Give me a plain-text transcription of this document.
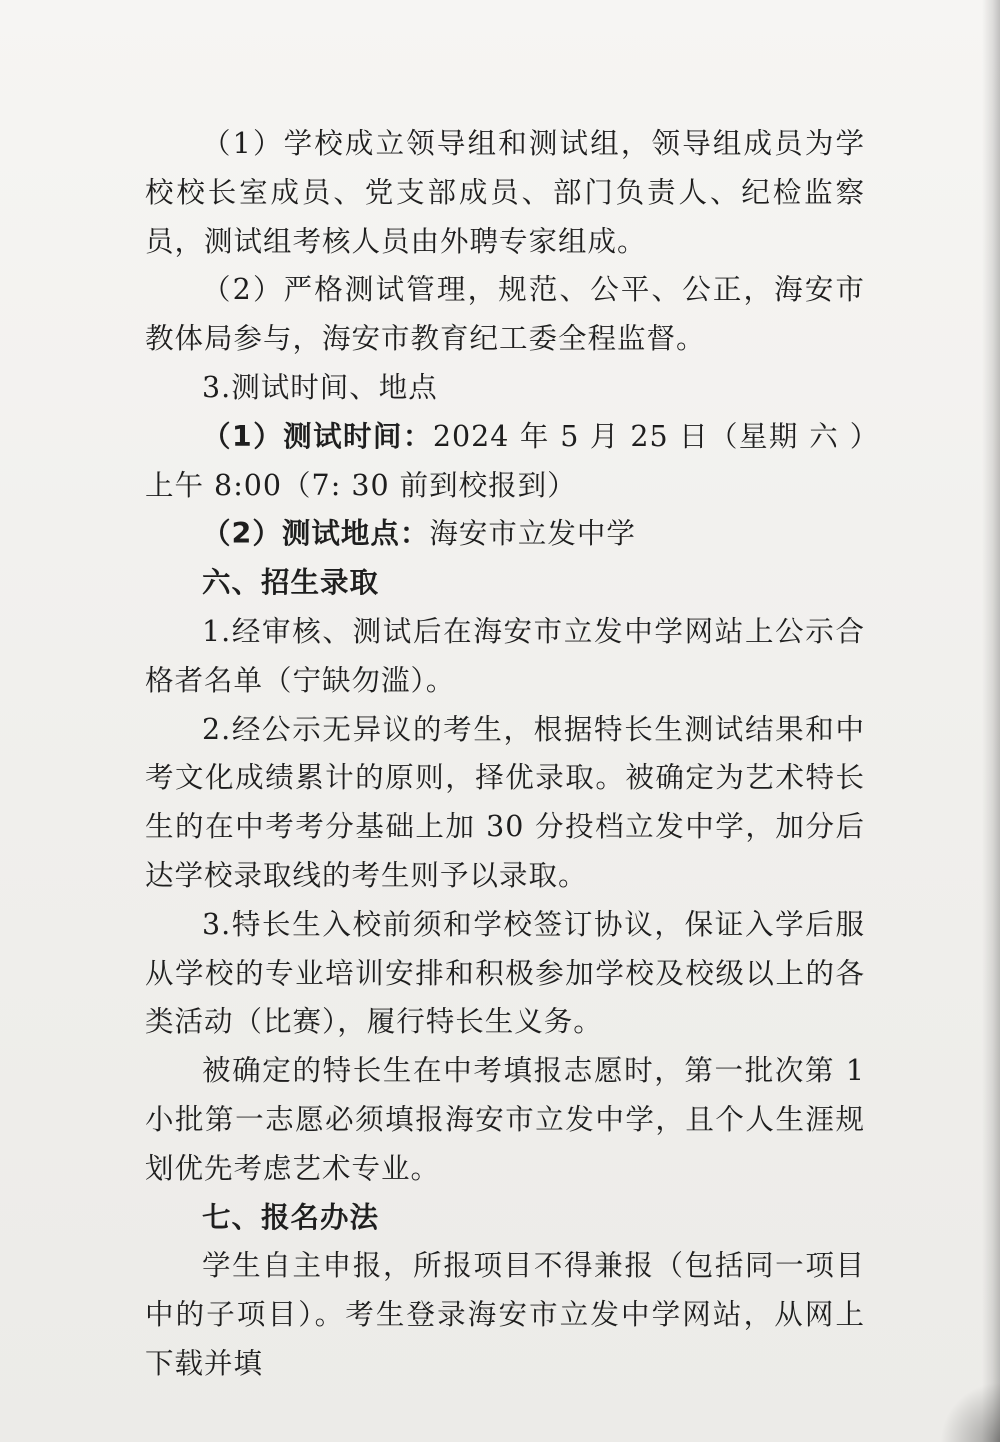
（1）学校成立领导组和测试组，领导组成员为学校校长室成员、党支部成员、部门负责人、纪检监察员，测试组考核人员由外聘专家组成。

（2）严格测试管理，规范、公平、公正，海安市教体局参与，海安市教育纪工委全程监督。

3.测试时间、地点

（1）测试时间：2024 年 5 月 25 日（星期 六 ）上午 8:00（7: 30 前到校报到）

（2）测试地点：海安市立发中学

六、招生录取

1.经审核、测试后在海安市立发中学网站上公示合格者名单（宁缺勿滥）。

2.经公示无异议的考生，根据特长生测试结果和中考文化成绩累计的原则，择优录取。被确定为艺术特长生的在中考考分基础上加 30 分投档立发中学，加分后达学校录取线的考生则予以录取。

3.特长生入校前须和学校签订协议，保证入学后服从学校的专业培训安排和积极参加学校及校级以上的各类活动（比赛），履行特长生义务。

被确定的特长生在中考填报志愿时，第一批次第 1 小批第一志愿必须填报海安市立发中学，且个人生涯规划优先考虑艺术专业。

七、报名办法

学生自主申报，所报项目不得兼报（包括同一项目中的子项目）。考生登录海安市立发中学网站，从网上下载并填
